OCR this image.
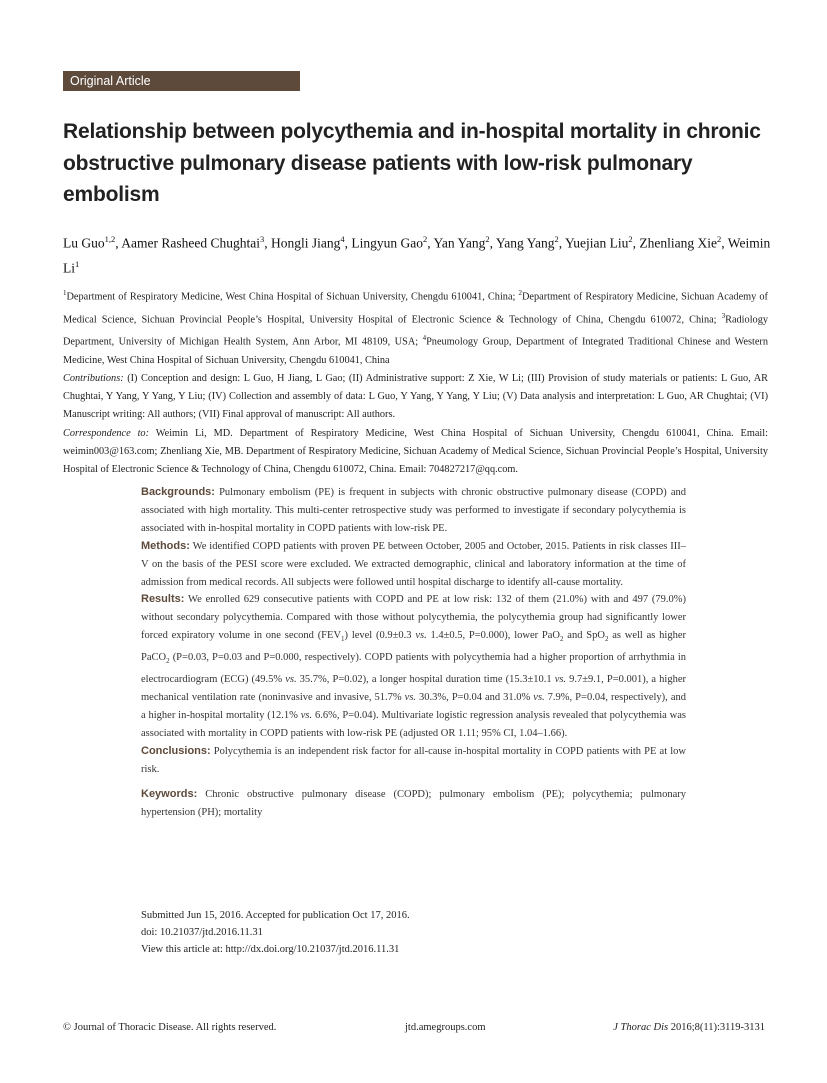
Original Article
Relationship between polycythemia and in-hospital mortality in chronic obstructive pulmonary disease patients with low-risk pulmonary embolism
Lu Guo$^{1,2}$, Aamer Rasheed Chughtai$^3$, Hongli Jiang$^4$, Lingyun Gao$^2$, Yan Yang$^2$, Yang Yang$^2$, Yuejian Liu$^2$, Zhenliang Xie$^2$, Weimin Li$^1$

$^1$Department of Respiratory Medicine, West China Hospital of Sichuan University, Chengdu 610041, China; $^2$Department of Respiratory Medicine, Sichuan Academy of Medical Science, Sichuan Provincial People’s Hospital, University Hospital of Electronic Science & Technology of China, Chengdu 610072, China; $^3$Radiology Department, University of Michigan Health System, Ann Arbor, MI 48109, USA; $^4$Pneumology Group, Department of Integrated Traditional Chinese and Western Medicine, West China Hospital of Sichuan University, Chengdu 610041, China

Contributions: (I) Conception and design: L Guo, H Jiang, L Gao; (II) Administrative support: Z Xie, W Li; (III) Provision of study materials or patients: L Guo, AR Chughtai, Y Yang, Y Yang, Y Liu; (IV) Collection and assembly of data: L Guo, Y Yang, Y Yang, Y Liu; (V) Data analysis and interpretation: L Guo, AR Chughtai; (VI) Manuscript writing: All authors; (VII) Final approval of manuscript: All authors.

Correspondence to: Weimin Li, MD. Department of Respiratory Medicine, West China Hospital of Sichuan University, Chengdu 610041, China. Email: weimin003@163.com; Zhenliang Xie, MB. Department of Respiratory Medicine, Sichuan Academy of Medical Science, Sichuan Provincial People’s Hospital, University Hospital of Electronic Science & Technology of China, Chengdu 610072, China. Email: 704827217@qq.com.

Backgrounds: Pulmonary embolism (PE) is frequent in subjects with chronic obstructive pulmonary disease (COPD) and associated with high mortality. This multi-center retrospective study was performed to investigate if secondary polycythemia is associated with in-hospital mortality in COPD patients with low-risk PE.

Methods: We identified COPD patients with proven PE between October, 2005 and October, 2015. Patients in risk classes III–V on the basis of the PESI score were excluded. We extracted demographic, clinical and laboratory information at the time of admission from medical records. All subjects were followed until hospital discharge to identify all-cause mortality.

Results: We enrolled 629 consecutive patients with COPD and PE at low risk: 132 of them (21.0%) with and 497 (79.0%) without secondary polycythemia. Compared with those without polycythemia, the polycythemia group had significantly lower forced expiratory volume in one second $(FEV_1)$ level (0.9±0.3 vs. 1.4±0.5, P=0.000), lower PaO$_2$ and SpO$_2$ as well as higher PaCO$_2$ (P=0.03, P=0.03 and P=0.000, respectively). COPD patients with polycythemia had a higher proportion of arrhythmia in electrocardiogram (ECG) (49.5% vs. 35.7%, P=0.02), a longer hospital duration time (15.3±10.1 vs. 9.7±9.1, P=0.001), a higher mechanical ventilation rate (noninvasive and invasive, 51.7% vs. 30.3%, P=0.04 and 31.0% vs. 7.9%, P=0.04, respectively), and a higher in-hospital mortality (12.1% vs. 6.6%, P=0.04). Multivariate logistic regression analysis revealed that polycythemia was associated with mortality in COPD patients with low-risk PE (adjusted OR 1.11; 95% CI, 1.04–1.66).

Conclusions: Polycythemia is an independent risk factor for all-cause in-hospital mortality in COPD patients with PE at low risk.

Keywords: Chronic obstructive pulmonary disease (COPD); pulmonary embolism (PE); polycythemia; pulmonary hypertension (PH); mortality

Submitted Jun 15, 2016. Accepted for publication Oct 17, 2016.
doi: 10.21037/jtd.2016.11.31
View this article at: http://dx.doi.org/10.21037/jtd.2016.11.31
© Journal of Thoracic Disease. All rights reserved.	jtd.amegroups.com	J Thorac Dis 2016;8(11):3119-3131
